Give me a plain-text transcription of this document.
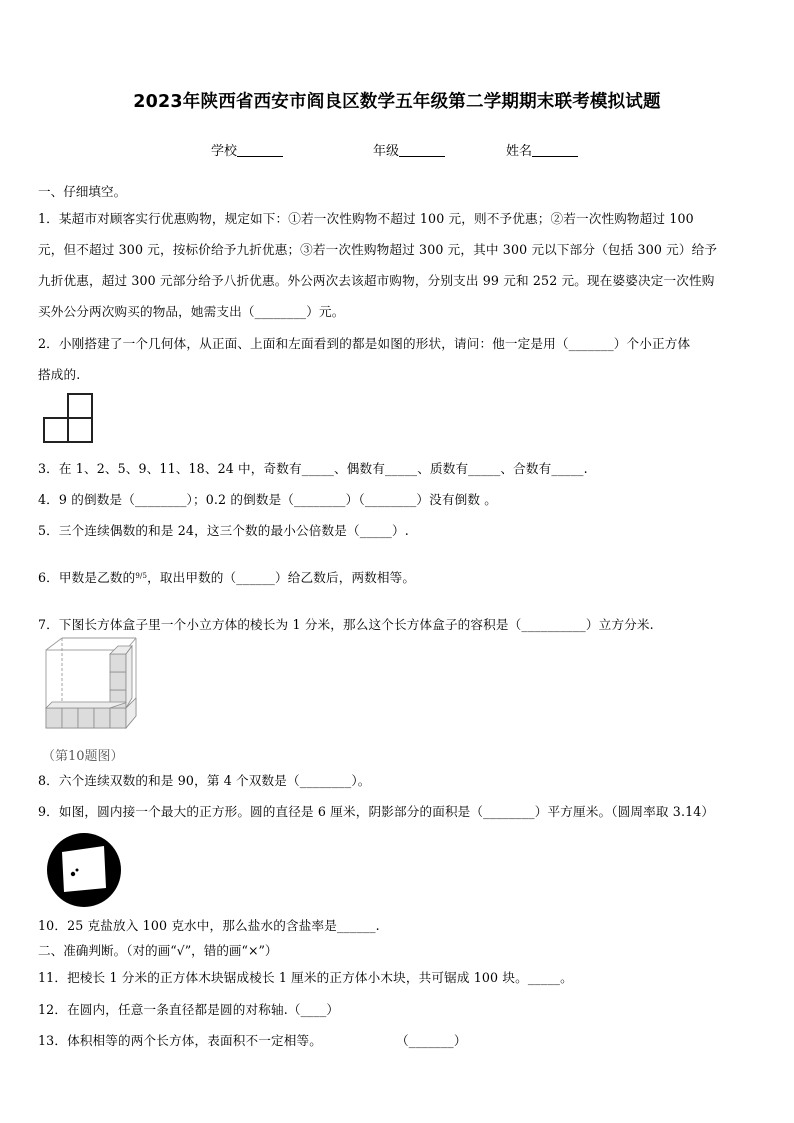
2023年陕西省西安市阎良区数学五年级第二学期期末联考模拟试题
学校	年级	姓名
一、仔细填空。
1．某超市对顾客实行优惠购物，规定如下：①若一次性购物不超过 100 元，则不予优惠；②若一次性购物超过 100
元，但不超过 300 元，按标价给予九折优惠；③若一次性购物超过 300 元，其中 300 元以下部分（包括 300 元）给予
九折优惠，超过 300 元部分给予八折优惠。外公两次去该超市购物，分别支出 99 元和 252 元。现在婆婆决定一次性购
买外公分两次购买的物品，她需支出（________）元。
2．小刚搭建了一个几何体，从正面、上面和左面看到的都是如图的形状，请问：他一定是用（_______）个小正方体
搭成的.
3．在 1、2、5、9、11、18、24 中，奇数有_____、偶数有_____、质数有_____、合数有_____.
4．9 的倒数是（________）；0.2 的倒数是（________）（________）没有倒数 。
5．三个连续偶数的和是 24，这三个数的最小公倍数是（_____）.
6．甲数是乙数的$^{9/5}$，取出甲数的（______）给乙数后，两数相等。
7．下图长方体盒子里一个小立方体的棱长为 1 分米，那么这个长方体盒子的容积是（__________）立方分米.
（第10题图）
8．六个连续双数的和是 90，第 4 个双数是（________）。
9．如图，圆内接一个最大的正方形。圆的直径是 6 厘米，阴影部分的面积是（________）平方厘米。（圆周率取 3.14）
10．25 克盐放入 100 克水中，那么盐水的含盐率是______.
二、准确判断。（对的画“√”，错的画“×”）
11．把棱长 1 分米的正方体木块锯成棱长 1 厘米的正方体小木块，共可锯成 100 块。_____。
12．在圆内，任意一条直径都是圆的对称轴.（____）
13．体积相等的两个长方体，表面积不一定相等。	（_______）
